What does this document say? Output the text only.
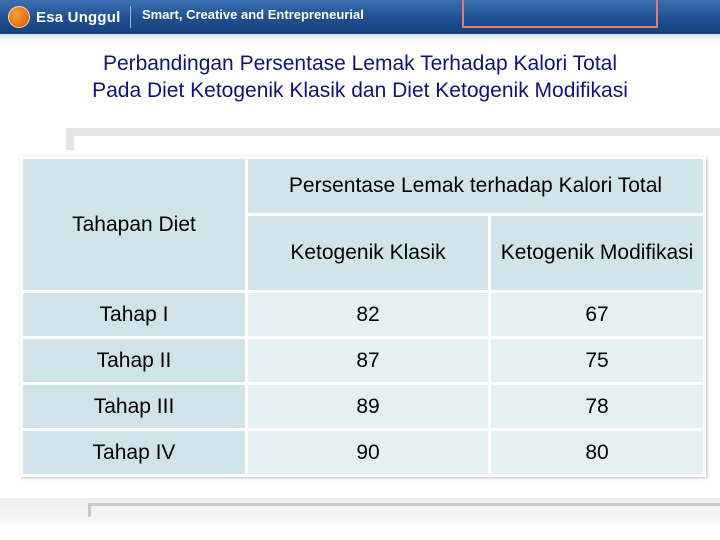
Esa Unggul Smart, Creative and Entrepreneurial
Perbandingan Persentase Lemak Terhadap Kalori Total
Pada Diet Ketogenik Klasik dan Diet Ketogenik Modifikasi
Tahapan Diet	Persentase Lemak terhadap Kalori Total	
	Ketogenik Klasik	Ketogenik Modifikasi
Tahap I	82	67
Tahap II	87	75
Tahap III	89	78
Tahap IV	90	80
